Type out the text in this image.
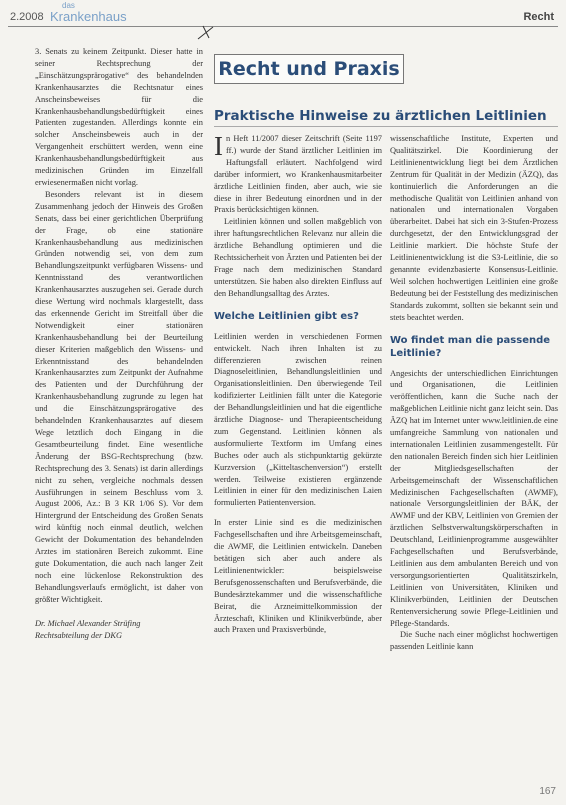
2.2008
das
Krankenhaus	Recht
Recht und Praxis
Praktische Hinweise zu ärztlichen Leitlinien

3. Senats zu keinem Zeitpunkt. Dieser hatte in seiner Rechtsprechung der „Einschätzungsprärogative“ des behandelnden Krankenhausarztes die Rechtsnatur eines Anscheinsbeweises für die Krankenhausbehandlungsbedürftigkeit eines Patienten zugestanden. Allerdings konnte ein solcher Anscheinsbeweis auch in der Vergangenheit erschüttert werden, wenn eine Krankenhausbehandlungsbedürftigkeit aus medizinischen Gründen im Einzelfall erwiesenermaßen nicht vorlag.

Besonders relevant ist in diesem Zusammenhang jedoch der Hinweis des Großen Senats, dass bei einer gerichtlichen Überprüfung der Frage, ob eine stationäre Krankenhausbehandlung aus medizinischen Gründen notwendig sei, von dem zum Behandlungszeitpunkt verfügbaren Wissens- und Kenntnisstand des verantwortlichen Krankenhausarztes auszugehen sei. Gerade durch diese Wertung wird nochmals klargestellt, dass das erkennende Gericht im Streitfall über die Notwendigkeit einer stationären Krankenhausbehandlung bei der Beurteilung dieser Kriterien maßgeblich den Wissens- und Erkenntnisstand des behandelnden Krankenhausarztes zum Zeitpunkt der Aufnahme des Patienten und der Durchführung der Krankenhausbehandlung zugrunde zu legen hat und die Einschätzungsprärogative des behandelnden Krankenhausarztes auf diesem Wege letztlich doch Eingang in die Gesamtbeurteilung findet. Eine wesentliche Änderung der BSG-Rechtsprechung (bzw. Rechtsprechung des 3. Senats) ist darin allerdings nicht zu sehen, vergleiche nochmals dessen Ausführungen in seinem Beschluss vom 3. August 2006, Az.: B 3 KR 1/06 S). Vor dem Hintergrund der Entscheidung des Großen Senats wird künftig noch einmal deutlich, welchen Gewicht der Dokumentation des behandelnden Arztes im stationären Bereich zukommt. Eine gute Dokumentation, die auch nach langer Zeit noch eine lückenlose Rekonstruktion des Behandlungsverlaufs ermöglicht, ist daher von größter Wichtigkeit.

Dr. Michael Alexander Strüfing

Rechtsabteilung der DKG

In Heft 11/2007 dieser Zeitschrift (Seite 1197 ff.) wurde der Stand ärztlicher Leitlinien im Haftungsfall erläutert. Nachfolgend wird darüber informiert, wo Krankenhausmitarbeiter ärztliche Leitlinien finden, aber auch, wie sie diese in ihrer Bedeutung einordnen und in der Praxis berücksichtigen können.

Leitlinien können und sollen maßgeblich von ihrer haftungsrechtlichen Relevanz nur allein die ärztliche Behandlung optimieren und die Rechtssicherheit von Ärzten und Patienten bei der Frage nach dem medizinischen Standard unterstützen. Sie haben also direkten Einfluss auf den Behandlungsalltag des Arztes.

Welche Leitlinien gibt es?

Leitlinien werden in verschiedenen Formen entwickelt. Nach ihren Inhalten ist zu differenzieren zwischen reinen Diagnoseleitlinien, Behandlungsleitlinien und Organisationsleitlinien. Den überwiegende Teil kodifizierter Leitlinien fällt unter die Kategorie der Behandlungsleitlinien und hat die eigentliche ärztliche Diagnose- und Therapieentscheidung zum Gegenstand. Leitlinien können als ausformulierte Textform im Umfang eines Buches oder auch als stichpunktartig gekürzte Kurzversion („Kitteltaschenversion“) erstellt werden. Teilweise existieren ergänzende Leitlinien in einer für den medizinischen Laien formulierten Patientenversion.

In erster Linie sind es die medizinischen Fachgesellschaften und ihre Arbeitsgemeinschaft, die AWMF, die Leitlinien entwickeln. Daneben betätigen sich aber auch andere als Leitlinienentwickler: beispielsweise Berufsgenossenschaften und Berufsverbände, die Bundesärztekammer und die wissenschaftliche Beirat, die Arzneimittelkommission der Ärzteschaft, Kliniken und Klinikverbünde, aber auch Praxen und Praxisverbünde,

wissenschaftliche Institute, Experten und Qualitätszirkel. Die Koordinierung der Leitlinienentwicklung liegt bei dem Ärztlichen Zentrum für Qualität in der Medizin (ÄZQ), das kontinuierlich die Anforderungen an die methodische Qualität von Leitlinien anhand von nationalen und internationalen Vorgaben überarbeitet. Dabei hat sich ein 3-Stufen-Prozess durchgesetzt, der den Entwicklungsgrad der Leitlinie markiert. Die höchste Stufe der Leitlinienentwicklung ist die S3-Leitlinie, die so genannte evidenzbasierte Konsensus-Leitlinie. Weil solchen hochwertigen Leitlinien eine große Bedeutung bei der Feststellung des medizinischen Standards zukommt, sollten sie bekannt sein und stets beachtet werden.

Wo findet man die passende Leitlinie?

Angesichts der unterschiedlichen Einrichtungen und Organisationen, die Leitlinien veröffentlichen, kann die Suche nach der maßgeblichen Leitlinie nicht ganz leicht sein. Das ÄZQ hat im Internet unter www.leitlinien.de eine umfangreiche Sammlung von nationalen und internationalen Leitlinien zusammengestellt. Für den nationalen Bereich finden sich hier Leitlinien der Mitgliedsgesellschaften der Arbeitsgemeinschaft der Wissenschaftlichen Medizinischen Fachgesellschaften (AWMF), nationale Versorgungsleitlinien der BÄK, der AWMF und der KBV, Leitlinien von Gremien der ärztlichen Selbstverwaltungskörperschaften in Deutschland, Leitlinienprogramme ausgewählter Fachgesellschaften und Berufsverbände, Leitlinien aus dem ambulanten Bereich und von versorgungsorientierten Qualitätszirkeln, Leitlinien von Universitäten, Kliniken und Klinikverbünden, Leitlinien der Deutschen Rentenversicherung sowie Pflege-Leitlinien und Pflege-Standards.

Die Suche nach einer möglichst hochwertigen passenden Leitlinie kann

167
